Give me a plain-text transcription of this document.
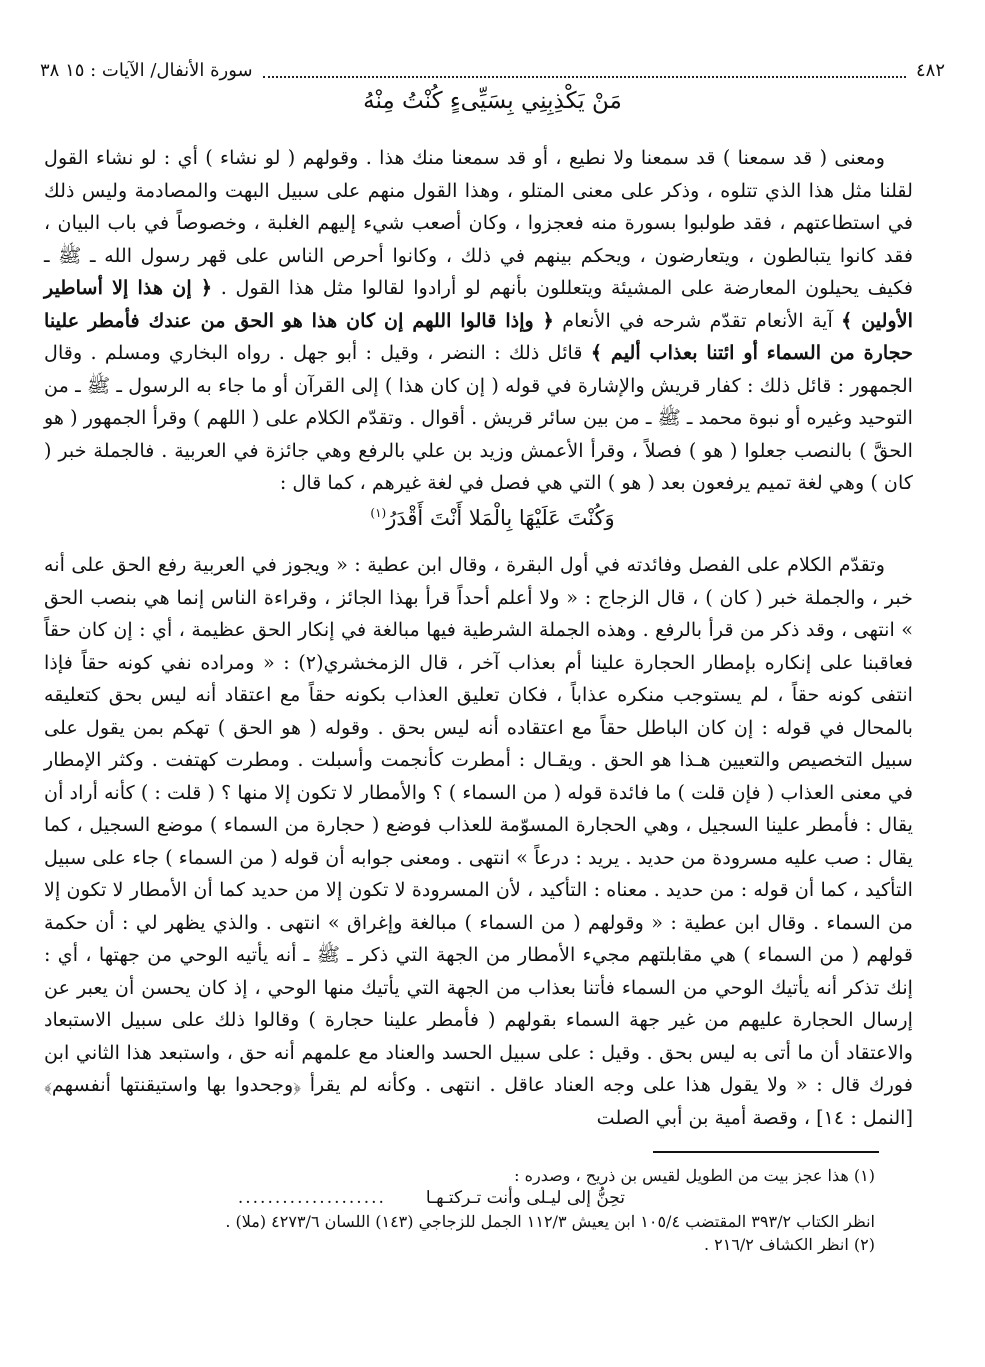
٤٨٢
سورة الأنفال/ الآيات : ١٥ ٣٨
مَنْ يَكْذِبِنِي بِسَيِّىءٍ كُنْتُ مِنْهُ

ومعنى ( قد سمعنا ) قد سمعنا ولا نطيع ، أو قد سمعنا منك هذا . وقولهم ( لو نشاء ) أي : لو نشاء القول لقلنا مثل هذا الذي تتلوه ، وذكر على معنى المتلو ، وهذا القول منهم على سبيل البهت والمصادمة وليس ذلك في استطاعتهم ، فقد طولبوا بسورة منه فعجزوا ، وكان أصعب شيء إليهم الغلبة ، وخصوصاً في باب البيان ، فقد كانوا يتبالطون ، ويتعارضون ، ويحكم بينهم في ذلك ، وكانوا أحرص الناس على قهر رسول الله ـ ﷺ ـ فكيف يحيلون المعارضة على المشيئة ويتعللون بأنهم لو أرادوا لقالوا مثل هذا القول . ﴿ إن هذا إلا أساطير الأولين ﴾ آية الأنعام تقدّم شرحه في الأنعام ﴿ وإذا قالوا اللهم إن كان هذا هو الحق من عندك فأمطر علينا حجارة من السماء أو ائتنا بعذاب أليم ﴾ قائل ذلك : النضر ، وقيل : أبو جهل . رواه البخاري ومسلم . وقال الجمهور : قائل ذلك : كفار قريش والإشارة في قوله ( إن كان هذا ) إلى القرآن أو ما جاء به الرسول ـ ﷺ ـ من التوحيد وغيره أو نبوة محمد ـ ﷺ ـ من بين سائر قريش . أقوال . وتقدّم الكلام على ( اللهم ) وقرأ الجمهور ( هو الحقَّ ) بالنصب جعلوا ( هو ) فصلاً ، وقرأ الأعمش وزيد بن علي بالرفع وهي جائزة في العربية . فالجملة خبر ( كان ) وهي لغة تميم يرفعون بعد ( هو ) التي هي فصل في لغة غيرهم ، كما قال :

وَكُنْتَ عَلَيْهَا بِالْمَلا أَنْتَ أَقْدَرُ$^{(١)}$

وتقدّم الكلام على الفصل وفائدته في أول البقرة ، وقال ابن عطية : « ويجوز في العربية رفع الحق على أنه خبر ، والجملة خبر ( كان ) ، قال الزجاج : « ولا أعلم أحداً قرأ بهذا الجائز ، وقراءة الناس إنما هي بنصب الحق » انتهى ، وقد ذكر من قرأ بالرفع . وهذه الجملة الشرطية فيها مبالغة في إنكار الحق عظيمة ، أي : إن كان حقاً فعاقبنا على إنكاره بإمطار الحجارة علينا أم بعذاب آخر ، قال الزمخشري(٢) : « ومراده نفي كونه حقاً فإذا انتفى كونه حقاً ، لم يستوجب منكره عذاباً ، فكان تعليق العذاب بكونه حقاً مع اعتقاد أنه ليس بحق كتعليقه بالمحال في قوله : إن كان الباطل حقاً مع اعتقاده أنه ليس بحق . وقوله ( هو الحق ) تهكم بمن يقول على سبيل التخصيص والتعيين هـذا هو الحق . ويقـال : أمطرت كأنجمت وأسبلت . ومطرت كهتفت . وكثر الإمطار في معنى العذاب ( فإن قلت ) ما فائدة قوله ( من السماء ) ؟ والأمطار لا تكون إلا منها ؟ ( قلت : ) كأنه أراد أن يقال : فأمطر علينا السجيل ، وهي الحجارة المسوّمة للعذاب فوضع ( حجارة من السماء ) موضع السجيل ، كما يقال : صب عليه مسرودة من حديد . يريد : درعاً » انتهى . ومعنى جوابه أن قوله ( من السماء ) جاء على سبيل التأكيد ، كما أن قوله : من حديد . معناه : التأكيد ، لأن المسرودة لا تكون إلا من حديد كما أن الأمطار لا تكون إلا من السماء . وقال ابن عطية : « وقولهم ( من السماء ) مبالغة وإغراق » انتهى . والذي يظهر لي : أن حكمة قولهم ( من السماء ) هي مقابلتهم مجيء الأمطار من الجهة التي ذكر ـ ﷺ ـ أنه يأتيه الوحي من جهتها ، أي : إنك تذكر أنه يأتيك الوحي من السماء فأتنا بعذاب من الجهة التي يأتيك منها الوحي ، إذ كان يحسن أن يعبر عن إرسال الحجارة عليهم من غير جهة السماء بقولهم ( فأمطر علينا حجارة ) وقالوا ذلك على سبيل الاستبعاد والاعتقاد أن ما أتى به ليس بحق . وقيل : على سبيل الحسد والعناد مع علمهم أنه حق ، واستبعد هذا الثاني ابن فورك قال : « ولا يقول هذا على وجه العناد عاقل . انتهى . وكأنه لم يقرأ ﴿وجحدوا بها واستيقنتها أنفسهم﴾ [النمل : ١٤] ، وقصة أمية بن أبي الصلت

(١) هذا عجز بيت من الطويل لقيس بن ذريح ، وصدره :
تحِنُّ إلى ليـلى وأنت تـركتـهـا
....................
انظر الكتاب ٣٩٣/٢ المقتضب ١٠٥/٤ ابن يعيش ١١٢/٣ الجمل للزجاجي (١٤٣) اللسان ٤٢٧٣/٦ (ملا) .
(٢) انظر الكشاف ٢١٦/٢ .
